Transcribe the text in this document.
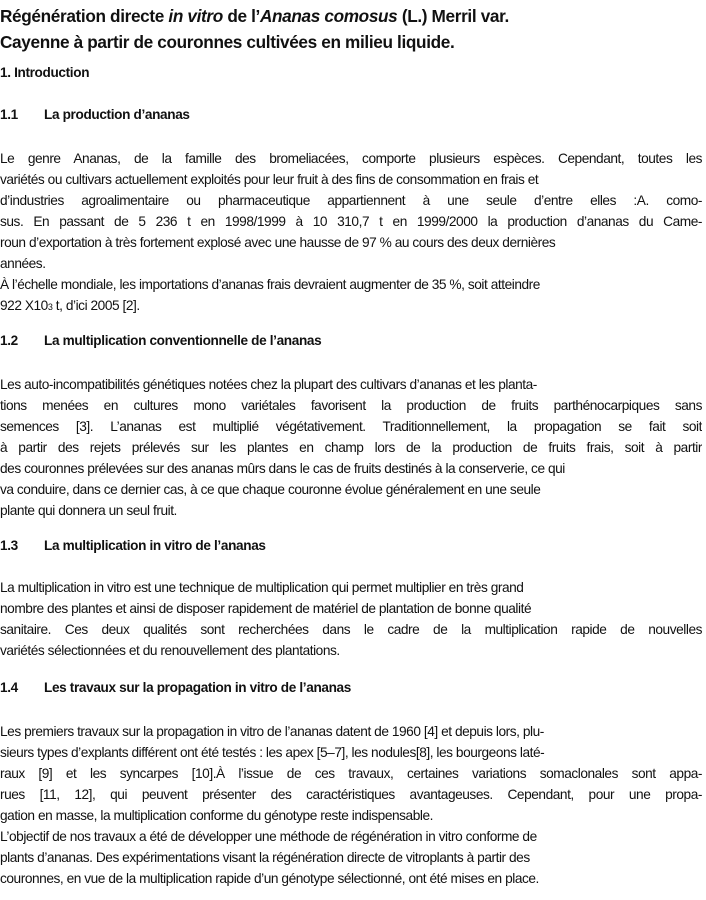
Régénération directe in vitro de l’Ananas comosus (L.) Merril var.
Cayenne à partir de couronnes cultivées en milieu liquide.
1. Introduction
1.1 La production d’ananas
Le genre Ananas, de la famille des bromeliacées, comporte plusieurs espèces. Cependant, toutes les
variétés ou cultivars actuellement exploités pour leur fruit à des fins de consommation en frais et
d’industries agroalimentaire ou pharmaceutique appartiennent à une seule d’entre elles :A. como-
sus. En passant de 5 236 t en 1998/1999 à 10 310,7 t en 1999/2000 la production d’ananas du Came-
roun d’exportation à très fortement explosé avec une hausse de 97 % au cours des deux dernières
années.
À l’échelle mondiale, les importations d’ananas frais devraient augmenter de 35 %, soit atteindre
922 X103 t, d’ici 2005 [2].
1.2 La multiplication conventionnelle de l’ananas
Les auto-incompatibilités génétiques notées chez la plupart des cultivars d’ananas et les planta-
tions menées en cultures mono variétales favorisent la production de fruits parthénocarpiques sans
semences [3]. L’ananas est multiplié végétativement. Traditionnellement, la propagation se fait soit
à partir des rejets prélevés sur les plantes en champ lors de la production de fruits frais, soit à partir
des couronnes prélevées sur des ananas mûrs dans le cas de fruits destinés à la conserverie, ce qui
va conduire, dans ce dernier cas, à ce que chaque couronne évolue généralement en une seule
plante qui donnera un seul fruit.
1.3 La multiplication in vitro de l’ananas
La multiplication in vitro est une technique de multiplication qui permet multiplier en très grand
nombre des plantes et ainsi de disposer rapidement de matériel de plantation de bonne qualité
sanitaire. Ces deux qualités sont recherchées dans le cadre de la multiplication rapide de nouvelles
variétés sélectionnées et du renouvellement des plantations.
1.4 Les travaux sur la propagation in vitro de l’ananas
Les premiers travaux sur la propagation in vitro de l’ananas datent de 1960 [4] et depuis lors, plu-
sieurs types d’explants différent ont été testés : les apex [5–7], les nodules[8], les bourgeons laté-
raux [9] et les syncarpes [10].À l’issue de ces travaux, certaines variations somaclonales sont appa-
rues [11, 12], qui peuvent présenter des caractéristiques avantageuses. Cependant, pour une propa-
gation en masse, la multiplication conforme du génotype reste indispensable.
L’objectif de nos travaux a été de développer une méthode de régénération in vitro conforme de
plants d’ananas. Des expérimentations visant la régénération directe de vitroplants à partir des
couronnes, en vue de la multiplication rapide d’un génotype sélectionné, ont été mises en place.
